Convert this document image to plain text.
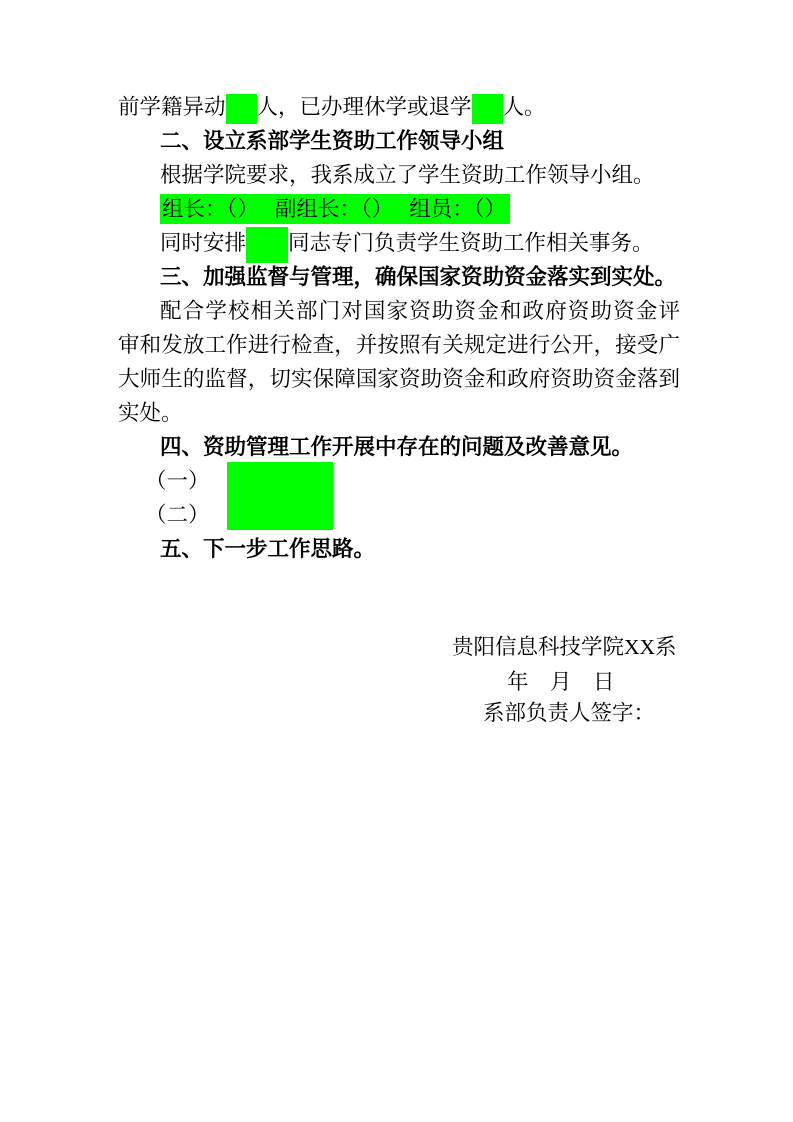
前学籍异动 人，已办理休学或退学 人。
二、设立系部学生资助工作领导小组
根据学院要求，我系成立了学生资助工作领导小组。
组长：（）　 副组长：（）　 组员：（）
同时安排 同志专门负责学生资助工作相关事务。
三、加强监督与管理，确保国家资助资金落实到实处。
配合学校相关部门对国家资助资金和政府资助资金评
审和发放工作进行检查，并按照有关规定进行公开，接受广
大师生的监督，切实保障国家资助资金和政府资助资金落到
实处。
四、资助管理工作开展中存在的问题及改善意见。
（一）
（二）
五、下一步工作思路。
贵阳信息科技学院XX系
年　月　日
系部负责人签字：
